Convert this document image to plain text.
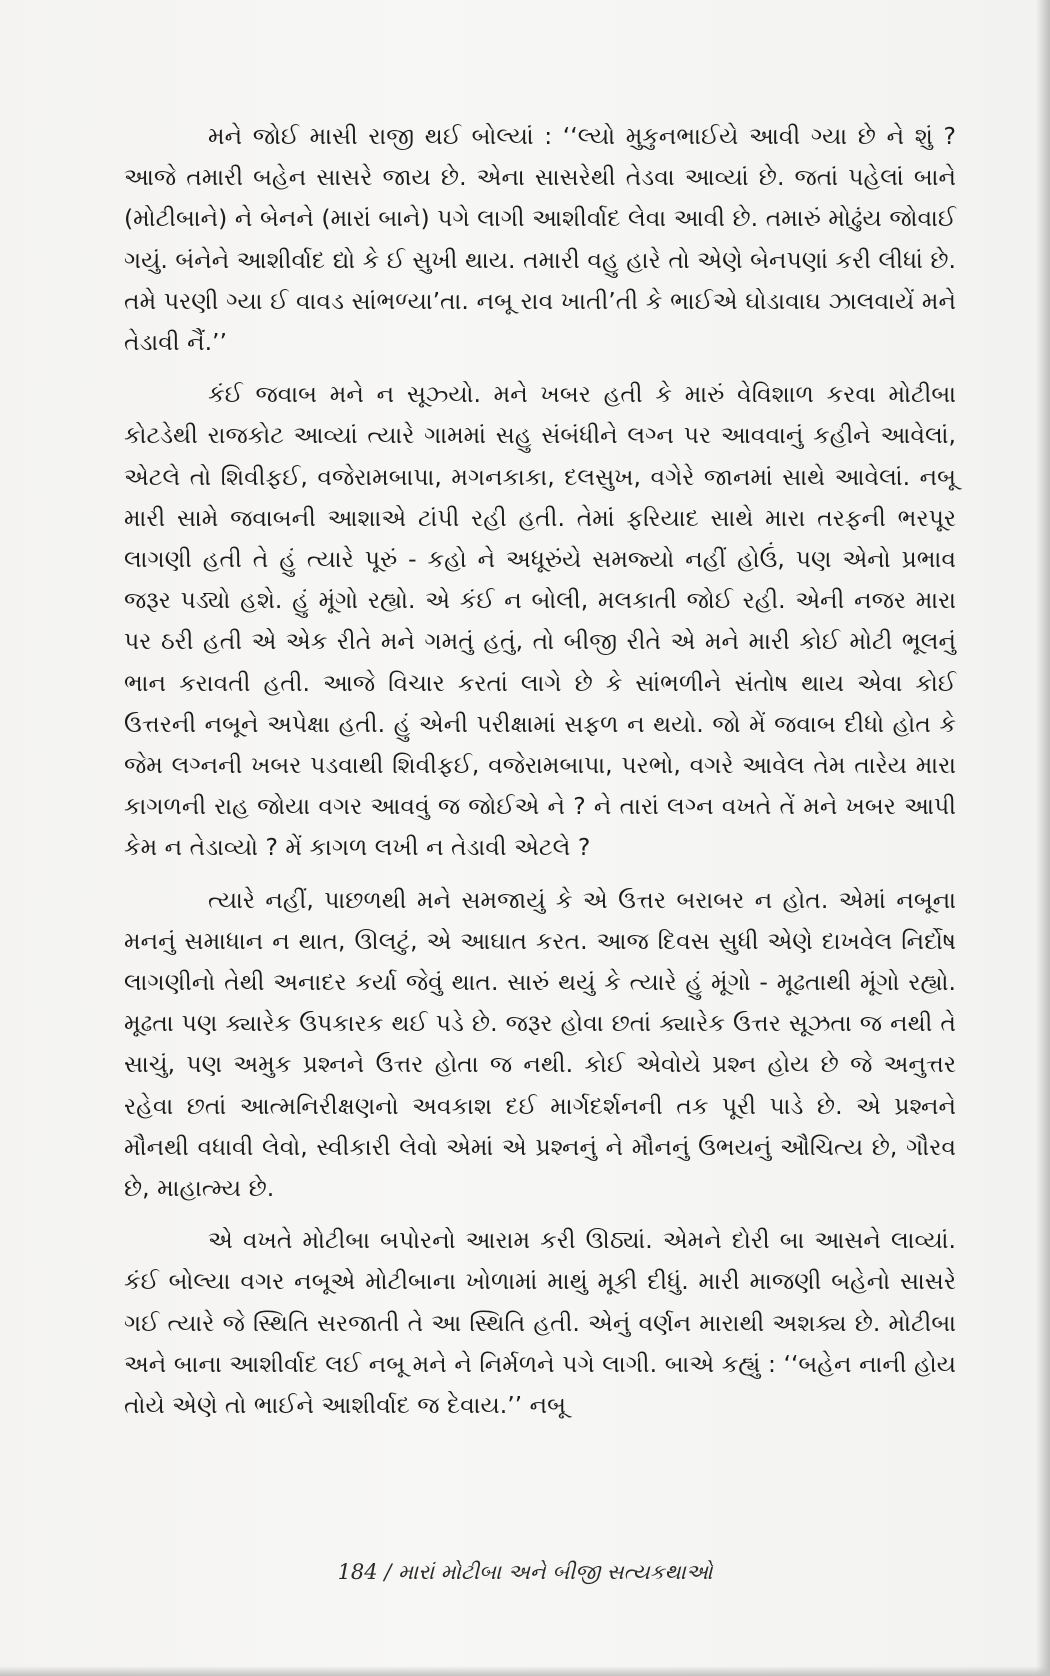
મને જોઈ માસી રાજી થઈ બોલ્યાં : ‘‘લ્યો મુકુનભાઈયે આવી ગ્યા છે ને શું ? આજે તમારી બહેન સાસરે જાય છે. એના સાસરેથી તેડવા આવ્યાં છે. જતાં પહેલાં બાને (મોટીબાને) ને બેનને (મારાં બાને) પગે લાગી આશીર્વાદ લેવા આવી છે. તમારું મોઢુંય જોવાઈ ગયું. બંનેને આશીર્વાદ દ્યો કે ઈ સુખી થાય. તમારી વહુ હારે તો એણે બેનપણાં કરી લીધાં છે. તમે પરણી ગ્યા ઈ વાવડ સાંભળ્યા’તા. નબૂ રાવ ખાતી’તી કે ભાઈએ ઘોડાવાઘ ઝાલવાયેં મને તેડાવી નૈં.’’

કંઈ જવાબ મને ન સૂઝ્યો. મને ખબર હતી કે મારું વેવિશાળ કરવા મોટીબા કોટડેથી રાજકોટ આવ્યાં ત્યારે ગામમાં સહુ સંબંધીને લગ્ન પર આવવાનું કહીને આવેલાં, એટલે તો શિવીફઈ, વજેરામબાપા, મગનકાકા, દલસુખ, વગેરે જાનમાં સાથે આવેલાં. નબૂ મારી સામે જવાબની આશાએ ટાંપી રહી હતી. તેમાં ફરિયાદ સાથે મારા તરફની ભરપૂર લાગણી હતી તે હું ત્યારે પૂરું - કહો ને અધૂરુંયે સમજ્યો નહીં હોઉં, પણ એનો પ્રભાવ જરૂર પડ્યો હશે. હું મૂંગો રહ્યો. એ કંઈ ન બોલી, મલકાતી જોઈ રહી. એની નજર મારા પર ઠરી હતી એ એક રીતે મને ગમતું હતું, તો બીજી રીતે એ મને મારી કોઈ મોટી ભૂલનું ભાન કરાવતી હતી. આજે વિચાર કરતાં લાગે છે કે સાંભળીને સંતોષ થાય એવા કોઈ ઉત્તરની નબૂને અપેક્ષા હતી. હું એની પરીક્ષામાં સફળ ન થયો. જો મેં જવાબ દીધો હોત કે જેમ લગ્નની ખબર પડવાથી શિવીફઈ, વજેરામબાપા, પરભો, વગરે આવેલ તેમ તારેય મારા કાગળની રાહ જોયા વગર આવવું જ જોઈએ ને ? ને તારાં લગ્ન વખતે તેં મને ખબર આપી કેમ ન તેડાવ્યો ? મેં કાગળ લખી ન તેડાવી એટલે ?

ત્યારે નહીં, પાછળથી મને સમજાયું કે એ ઉત્તર બરાબર ન હોત. એમાં નબૂના મનનું સમાધાન ન થાત, ઊલટું, એ આઘાત કરત. આજ દિવસ સુધી એણે દાખવેલ નિર્દોષ લાગણીનો તેથી અનાદર કર્યા જેવું થાત. સારું થયું કે ત્યારે હું મૂંગો - મૂઢતાથી મૂંગો રહ્યો. મૂઢતા પણ ક્યારેક ઉપકારક થઈ પડે છે. જરૂર હોવા છતાં ક્યારેક ઉત્તર સૂઝતા જ નથી તે સાચું, પણ અમુક પ્રશ્નને ઉત્તર હોતા જ નથી. કોઈ એવોયે પ્રશ્ન હોય છે જે અનુત્તર રહેવા છતાં આત્મનિરીક્ષણનો અવકાશ દઈ માર્ગદર્શનની તક પૂરી પાડે છે. એ પ્રશ્નને મૌનથી વધાવી લેવો, સ્વીકારી લેવો એમાં એ પ્રશ્નનું ને મૌનનું ઉભયનું ઔચિત્ય છે, ગૌરવ છે, માહાત્મ્ય છે.

એ વખતે મોટીબા બપોરનો આરામ કરી ઊઠ્યાં. એમને દોરી બા આસને લાવ્યાં. કંઈ બોલ્યા વગર નબૂએ મોટીબાના ખોળામાં માથું મૂકી દીધું. મારી માજણી બહેનો સાસરે ગઈ ત્યારે જે સ્થિતિ સરજાતી તે આ સ્થિતિ હતી. એનું વર્ણન મારાથી અશક્ય છે. મોટીબા અને બાના આશીર્વાદ લઈ નબૂ મને ને નિર્મળને પગે લાગી. બાએ કહ્યું : ‘‘બહેન નાની હોય તોયે એણે તો ભાઈને આશીર્વાદ જ દેવાય.’’ નબૂ

184 / મારાં મોટીબા અને બીજી સત્યકથાઓ
